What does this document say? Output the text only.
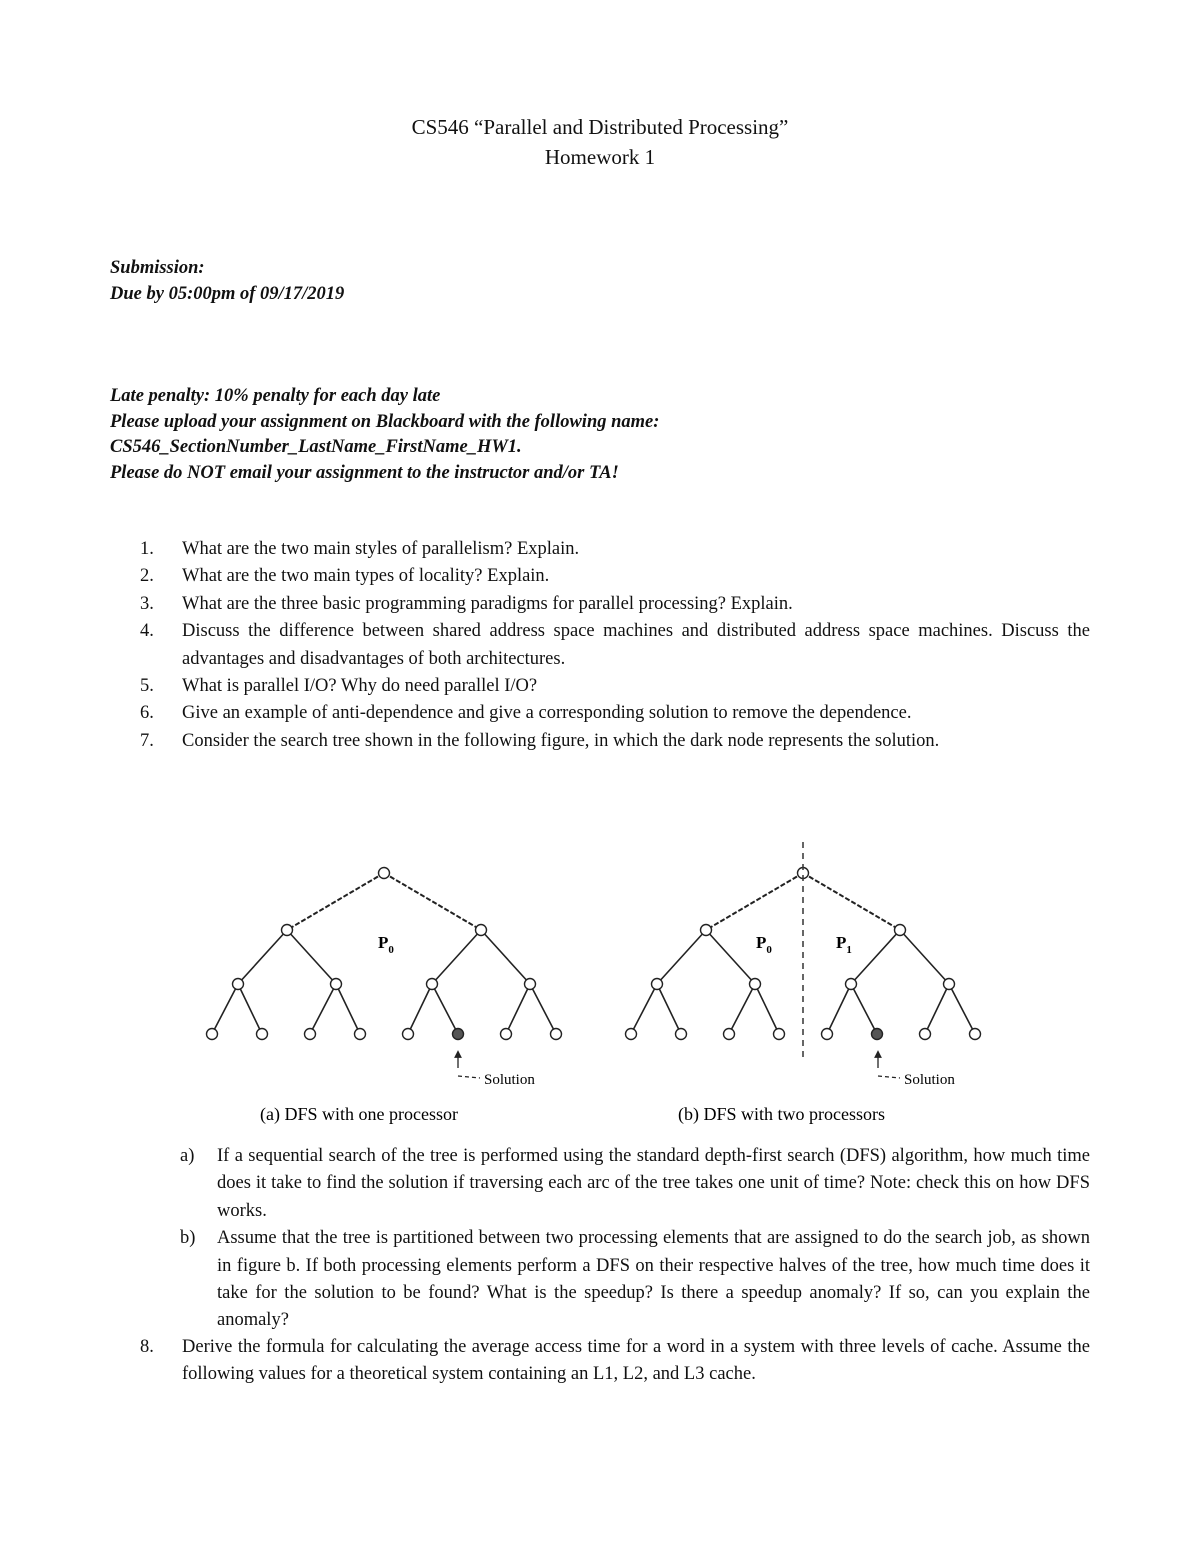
CS546 “Parallel and Distributed Processing”
Homework 1
Submission:
Due by 05:00pm of 09/17/2019
Late penalty: 10% penalty for each day late
Please upload your assignment on Blackboard with the following name:
CS546_SectionNumber_LastName_FirstName_HW1.
Please do NOT email your assignment to the instructor and/or TA!
1.	What are the two main styles of parallelism? Explain.
2.	What are the two main types of locality? Explain.
3.	What are the three basic programming paradigms for parallel processing? Explain.
4.	Discuss the difference between shared address space machines and distributed address space machines. Discuss the advantages and disadvantages of both architectures.
5.	What is parallel I/O? Why do need parallel I/O?
6.	Give an example of anti-dependence and give a corresponding solution to remove the dependence.
7.	Consider the search tree shown in the following figure, in which the dark node represents the solution.
$P_0$	$P_0$	$P_1$
Solution	Solution
(a) DFS with one processor	(b) DFS with two processors
a)	If a sequential search of the tree is performed using the standard depth-first search (DFS) algorithm, how much time does it take to find the solution if traversing each arc of the tree takes one unit of time? Note: check this on how DFS works.
b)	Assume that the tree is partitioned between two processing elements that are assigned to do the search job, as shown in figure b. If both processing elements perform a DFS on their respective halves of the tree, how much time does it take for the solution to be found? What is the speedup? Is there a speedup anomaly? If so, can you explain the anomaly?
8.	Derive the formula for calculating the average access time for a word in a system with three levels of cache. Assume the following values for a theoretical system containing an L1, L2, and L3 cache.
